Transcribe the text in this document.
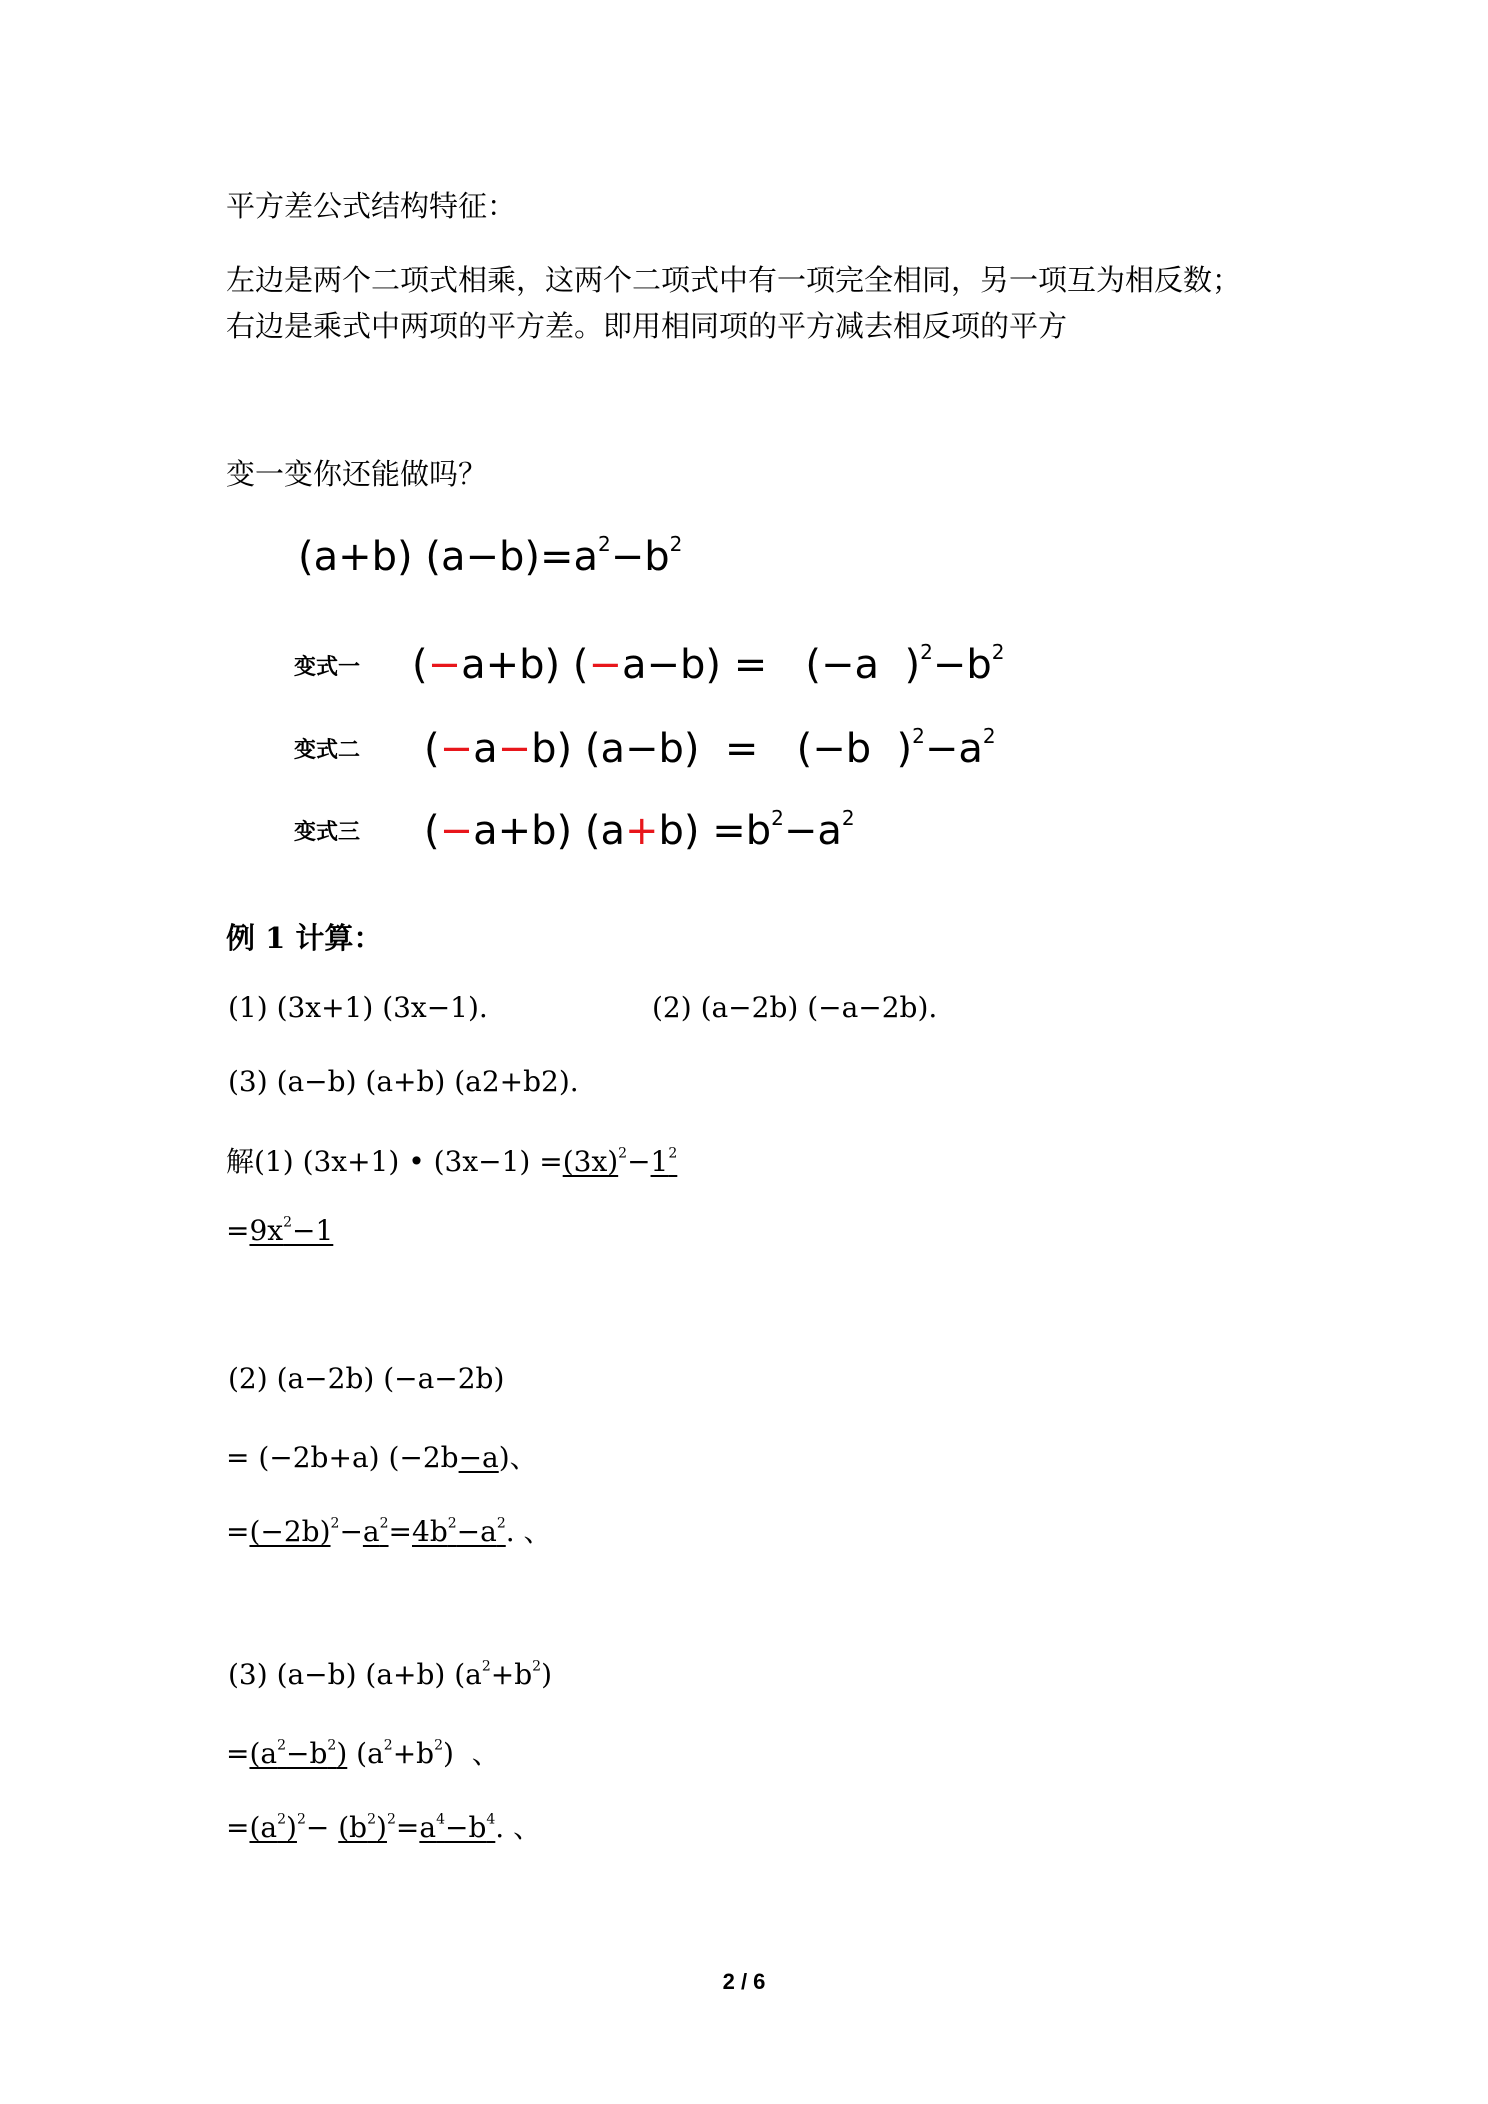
平方差公式结构特征：
左边是两个二项式相乘，这两个二项式中有一项完全相同，另一项互为相反数；
右边是乘式中两项的平方差。即用相同项的平方减去相反项的平方
变一变你还能做吗？
(a+b) $(a-b)=a^2-b^2$
变式一 (−a+b) (−a−b) =   (−a  )$^2-b^2$
变式二 (−a−b) (a−b)  =   (−b  )$^2-a^2$
变式三 (−a+b) $(a+b) =b^2-a^2$
例 1 计算：
(1) (3x+1) (3x−1).	(2) (a−2b) (−a−2b).
(3) (a−b) (a+b) (a2+b2).
解(1) (3x+1) • $(3x-1) =(3x)^2-1^2$
$=9x^2-1$
(2) (a−2b) (−a−2b)
= (−2b+a) (−2b−a)、
$=(-2b)^2-a^2=4b^2-a^2$. 、
(3) (a−b) (a+b) $(a^2+b^2)$
$=(a^2-b^2)$ $(a^2+b^2)$  、
$=(a^2)^2- (b^2)^2=a^4-b^4$. 、
2 / 6
